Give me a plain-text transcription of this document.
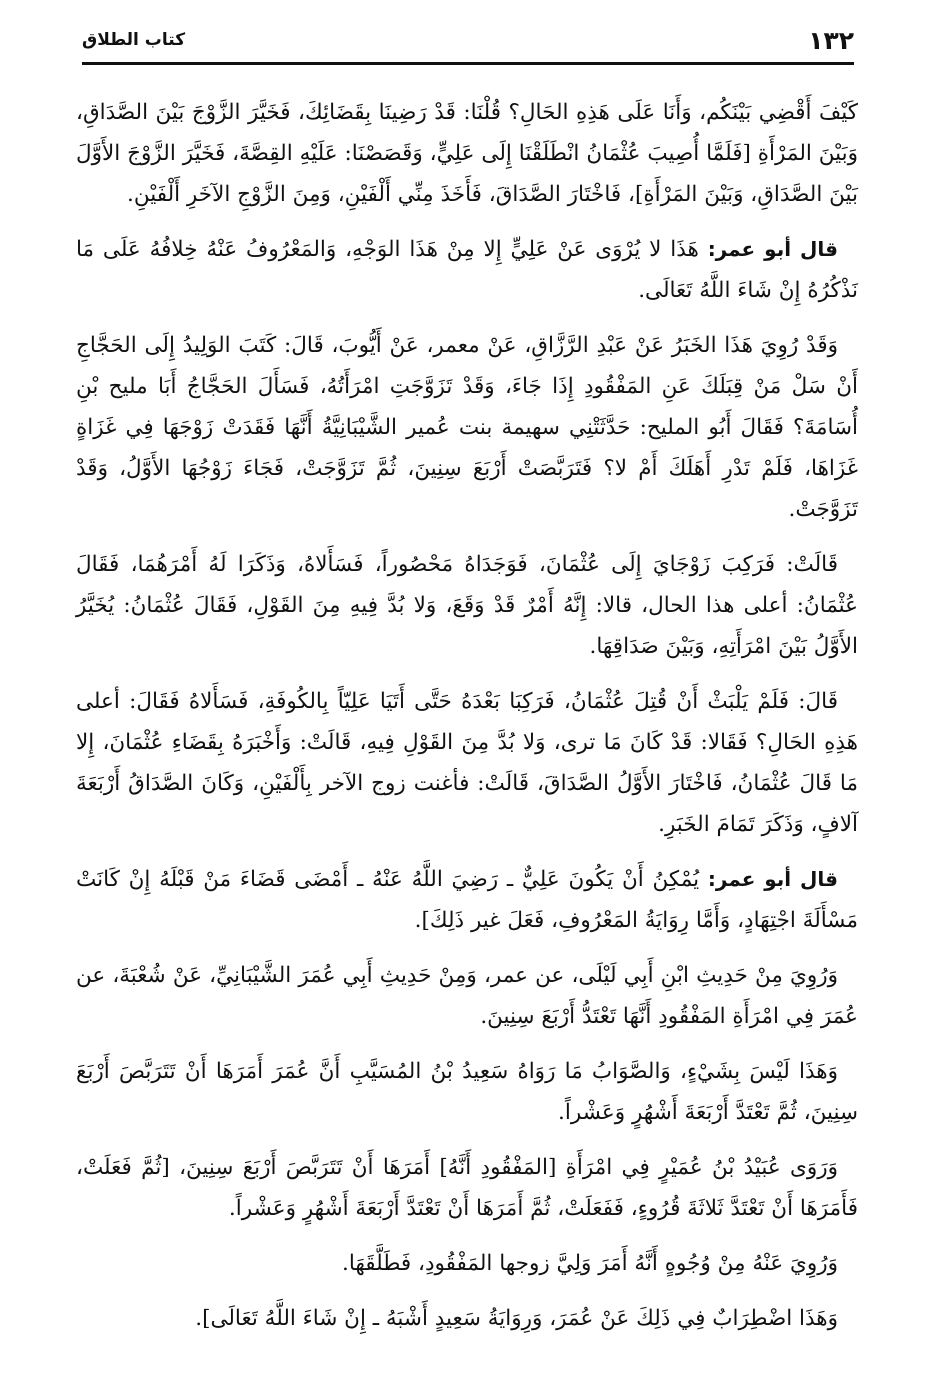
كتاب الطلاق	١٣٢

كَيْفَ أَقْضِي بَيْنَكُم، وَأَنَا عَلَى هَذِهِ الحَالِ؟ قُلْنَا: قَدْ رَضِينَا بِقَضَائِكَ، فَخَيَّرَ الزَّوْجَ بَيْنَ الصَّدَاقِ، وَبَيْنَ المَرْأَةِ [فَلَمَّا أُصِيبَ عُثْمَانُ انْطَلَقْنَا إِلَى عَلِيٍّ، وَقَصَصْنَا: عَلَيْهِ القِصَّةَ، فَخَيَّرَ الزَّوْجَ الأَوَّلَ بَيْنَ الصَّدَاقِ، وَبَيْنَ المَرْأَةِ]، فَاخْتَارَ الصَّدَاقَ، فَأَخَذَ مِنِّي أَلْفَيْنِ، وَمِنَ الزَّوْجِ الآخَرِ أَلْفَيْنِ.

قال أبو عمر: هَذَا لا يُرْوَى عَنْ عَلِيٍّ إِلا مِنْ هَذَا الوَجْهِ، وَالمَعْرُوفُ عَنْهُ خِلافُهُ عَلَى مَا نَذْكُرُهُ إِنْ شَاءَ اللَّهُ تَعَالَى.

وَقَدْ رُوِيَ هَذَا الخَبَرُ عَنْ عَبْدِ الرَّزَّاقِ، عَنْ معمر، عَنْ أَيُّوبَ، قَالَ: كَتَبَ الوَلِيدُ إِلَى الحَجَّاجِ أَنْ سَلْ مَنْ قِبَلَكَ عَنِ المَفْقُودِ إِذَا جَاءَ، وَقَدْ تَزَوَّجَتِ امْرَأَتُهُ، فَسَأَلَ الحَجَّاجُ أَبَا مليح بْنِ أُسَامَةَ؟ فَقَالَ أَبُو المليح: حَدَّثَتْنِي سهيمة بنت عُمير الشَّيْبَانِيَّةُ أَنَّهَا فَقَدَتْ زَوْجَهَا فِي غَزَاةٍ غَزَاهَا، فَلَمْ تَدْرِ أَهَلَكَ أَمْ لا؟ فَتَرَبَّصَتْ أَرْبَعَ سِنِينَ، ثُمَّ تَزَوَّجَتْ، فَجَاءَ زَوْجُهَا الأَوَّلُ، وَقَدْ تَزَوَّجَتْ.

قَالَتْ: فَرَكِبَ زَوْجَايَ إِلَى عُثْمَانَ، فَوَجَدَاهُ مَحْصُوراً، فَسَأَلاهُ، وَذَكَرَا لَهُ أَمْرَهُمَا، فَقَالَ عُثْمَانُ: أعلى هذا الحال، قالا: إِنَّهُ أَمْرٌ قَدْ وَقَعَ، وَلا بُدَّ فِيهِ مِنَ القَوْلِ، فَقَالَ عُثْمَانُ: يُخَيَّرُ الأَوَّلُ بَيْنَ امْرَأَتِهِ، وَبَيْنَ صَدَاقِهَا.

قَالَ: فَلَمْ يَلْبَثْ أَنْ قُتِلَ عُثْمَانُ، فَرَكِبَا بَعْدَهُ حَتَّى أَتَيَا عَلِيّاً بِالكُوفَةِ، فَسَأَلاهُ فَقَالَ: أعلى هَذِهِ الحَالِ؟ فَقَالا: قَدْ كَانَ مَا ترى، وَلا بُدَّ مِنَ القَوْلِ فِيهِ، قَالَتْ: وَأَخْبَرَهُ بِقَضَاءِ عُثْمَانَ، إِلا مَا قَالَ عُثْمَانُ، فَاخْتَارَ الأَوَّلُ الصَّدَاقَ، قَالَتْ: فأغنت زوج الآخر بِأَلْفَيْنِ، وَكَانَ الصَّدَاقُ أَرْبَعَةَ آلافٍ، وَذَكَرَ تَمَامَ الخَبَرِ.

قال أبو عمر: يُمْكِنُ أَنْ يَكُونَ عَلِيٌّ ـ رَضِيَ اللَّهُ عَنْهُ ـ أَمْضَى قَضَاءَ مَنْ قَبْلَهُ إِنْ كَانَتْ مَسْأَلَةَ اجْتِهَادٍ، وَأَمَّا رِوَايَةُ المَعْرُوفِ، فَعَلَ غير ذَلِكَ].

وَرُوِيَ مِنْ حَدِيثِ ابْنِ أَبِي لَيْلَى، عن عمر، وَمِنْ حَدِيثِ أَبِي عُمَرَ الشَّيْبَانِيِّ، عَنْ شُعْبَةَ، عن عُمَرَ فِي امْرَأَةِ المَفْقُودِ أَنَّهَا تَعْتَدُّ أَرْبَعَ سِنِينَ.

وَهَذَا لَيْسَ بِشَيْءٍ، وَالصَّوَابُ مَا رَوَاهُ سَعِيدُ بْنُ المُسَيَّبِ أَنَّ عُمَرَ أَمَرَهَا أَنْ تَتَرَبَّصَ أَرْبَعَ سِنِينَ، ثُمَّ تَعْتَدَّ أَرْبَعَةَ أَشْهُرٍ وَعَشْراً.

وَرَوَى عُبَيْدُ بْنُ عُمَيْرٍ فِي امْرَأَةِ [المَفْقُودِ أَنَّهُ] أَمَرَهَا أَنْ تَتَرَبَّصَ أَرْبَعَ سِنِينَ، [ثُمَّ فَعَلَتْ، فَأَمَرَهَا أَنْ تَعْتَدَّ ثَلاثَةَ قُرُوءٍ، فَفَعَلَتْ، ثُمَّ أَمَرَهَا أَنْ تَعْتَدَّ أَرْبَعَةَ أَشْهُرٍ وَعَشْراً.

وَرُوِيَ عَنْهُ مِنْ وُجُوهٍ أَنَّهُ أَمَرَ وَلِيَّ زوجها المَفْقُودِ، فَطَلَّقَهَا.

وَهَذَا اضْطِرَابٌ فِي ذَلِكَ عَنْ عُمَرَ، وَرِوَايَةُ سَعِيدٍ أَشْبَهُ ـ إِنْ شَاءَ اللَّهُ تَعَالَى].
